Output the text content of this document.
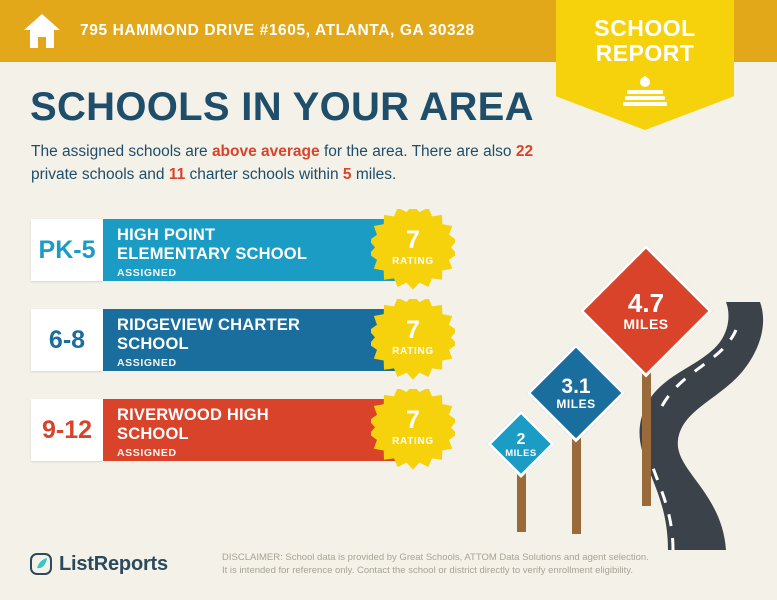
795 HAMMOND DRIVE #1605, ATLANTA, GA 30328	SCHOOL
REPORT
SCHOOLS IN YOUR AREA
The assigned schools are above average for the area. There are also 22 private schools and 11 charter schools within 5 miles.
PK-5
HIGH POINT
ELEMENTARY SCHOOL
ASSIGNED
7
RATING
6-8
RIDGEVIEW CHARTER
SCHOOL
ASSIGNED
7
RATING
9-12
RIVERWOOD HIGH
SCHOOL
ASSIGNED
7
RATING	2
MILES
3.1
MILES
4.7
MILES
ListReports	DISCLAIMER: School data is provided by Great Schools, ATTOM Data Solutions and agent selection.
It is intended for reference only. Contact the school or district directly to verify enrollment eligibility.
